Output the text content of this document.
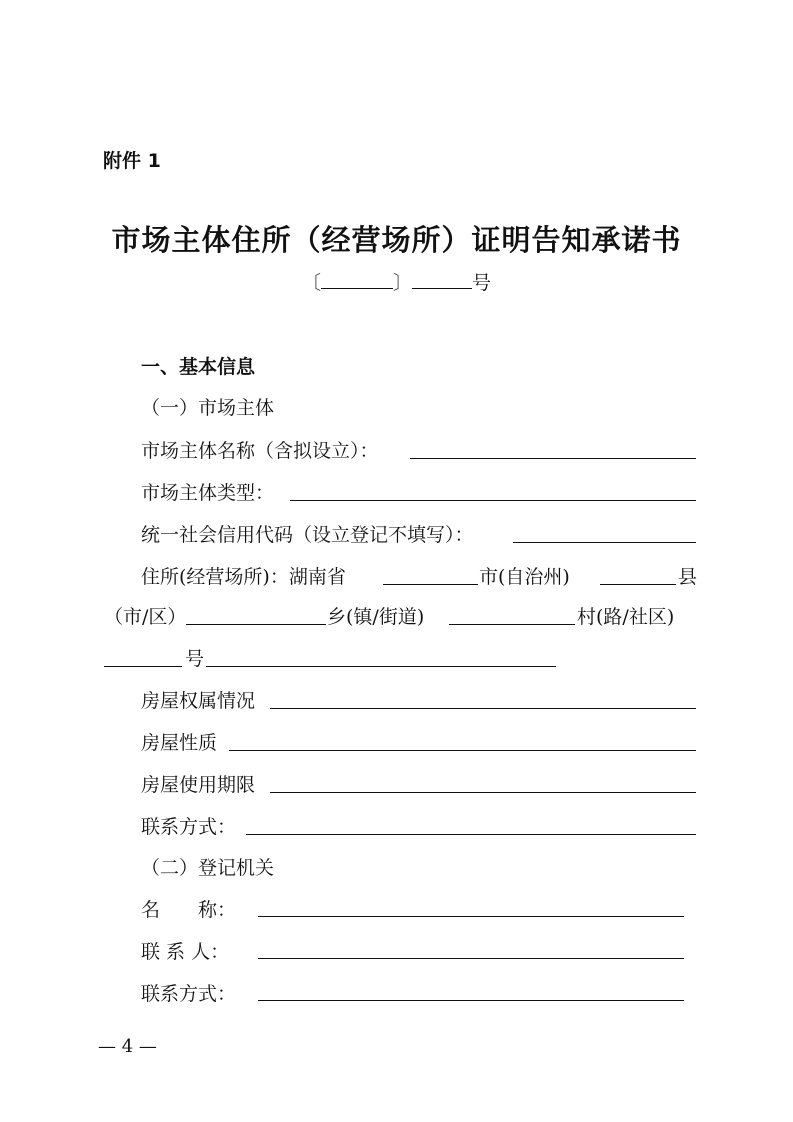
附件 1
市场主体住所（经营场所）证明告知承诺书
〔	〕	号
一、基本信息
（一）市场主体
市场主体名称（含拟设立）：
市场主体类型：
统一社会信用代码（设立登记不填写）：
住所(经营场所)：湖南省	市(自治州)	县
（市/区）	乡(镇/街道)	村(路/社区)
号
房屋权属情况
房屋性质
房屋使用期限
联系方式：
（二）登记机关
名　　称：
联 系 人：
联系方式：
— 4 —
